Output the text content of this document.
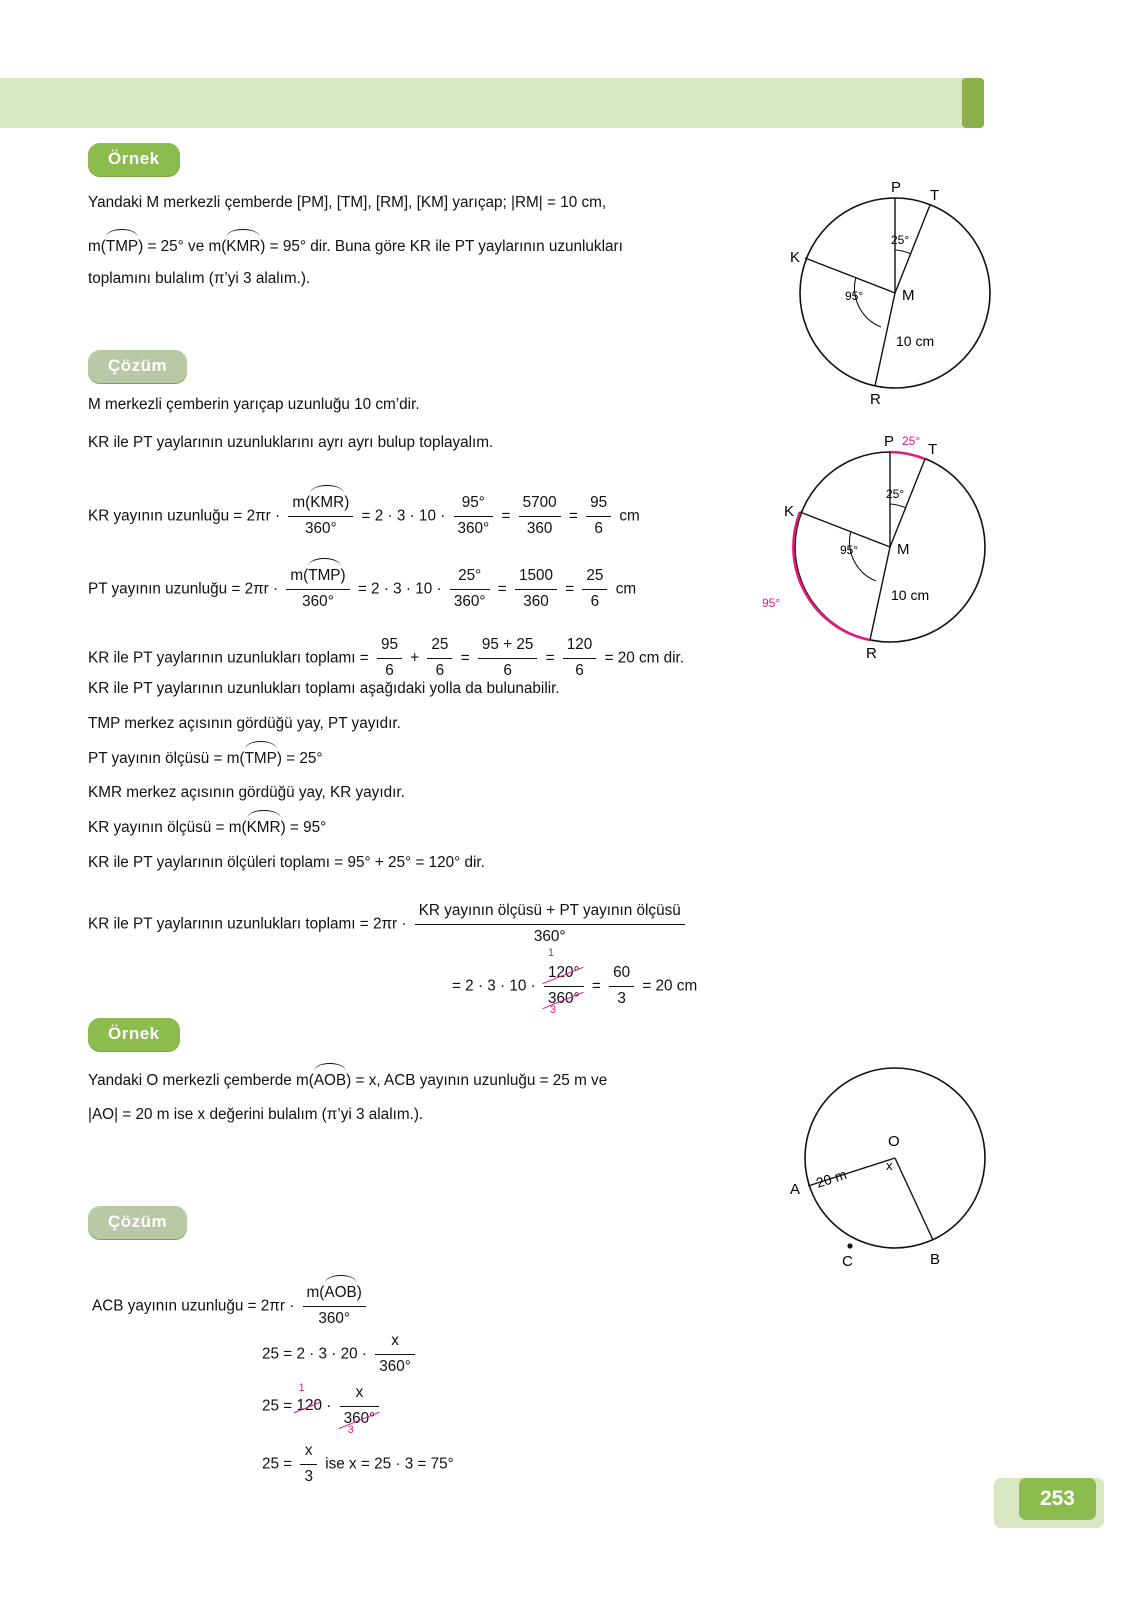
Örnek
Yandaki M merkezli çemberde [PM], [TM], [RM], [KM] yarıçap; |RM| = 10 cm,
m(
TMP) = 25° ve m(
KMR) = 95° dir. Buna göre KR ile PT yaylarının uzunlukları
toplamını bulalım (π’yi 3 alalım.).
P T
K
M
R
25°
95°
10 cm
Çözüm
M merkezli çemberin yarıçap uzunluğu 10 cm’dir.
KR ile PT yaylarının uzunluklarını ayrı ayrı bulup toplayalım.
KR yayının uzunluğu = 2πr · m(
KMR)
$360^\circ = 2 \cdot 3 \cdot 10 \cdot \frac{95^\circ}{360^\circ} = \frac{5700}{360} = \frac{95}{6}$ cm
PT yayının uzunluğu = 2πr · m(
TMP)
$360^\circ = 2 \cdot 3 \cdot 10 \cdot \frac{25^\circ}{360^\circ} = \frac{1500}{360} = \frac{25}{6}$ cm
KR ile PT yaylarının uzunlukları toplamı = $\frac{95}{6} + \frac{25}{6} = \frac{95 + 25}{6} = \frac{120}{6} = 20$ cm dir.
KR ile PT yaylarının uzunlukları toplamı aşağıdaki yolla da bulunabilir.
TMP merkez açısının gördüğü yay, PT yayıdır.
PT yayının ölçüsü = m(
TMP) = 25°
KMR merkez açısının gördüğü yay, KR yayıdır.
KR yayının ölçüsü = m(
KMR) = 95°
KR ile PT yaylarının ölçüleri toplamı = 95° + 25° = 120° dir.
KR ile PT yaylarının uzunlukları toplamı = $2\pi r \cdot \frac{\text{KR yayının ölçüsü + PT yayının ölçüsü}}{360^\circ}$
= 2 · 3 · 10 ·
1
120°
360°
3
= $\frac{60}{3} = 20$ cm
P T
K
M
R
25°
95°
10 cm
25°
95°
Örnek
Yandaki O merkezli çemberde m(
AOB) = x, ACB yayının uzunluğu = 25 m ve
|AO| = 20 m ise x değerini bulalım (π’yi 3 alalım.).
O
A
B
C
x
20 m
Çözüm
ACB yayının uzunluğu = 2πr · m(
AOB)
360°
$25 = 2 \cdot 3 \cdot 20 \cdot \frac{x}{360^\circ}$
25 =
1
120 ·
x
360°
3
$25 = \frac{x}{3}$ ise x = 25 · 3 = 75°
253
